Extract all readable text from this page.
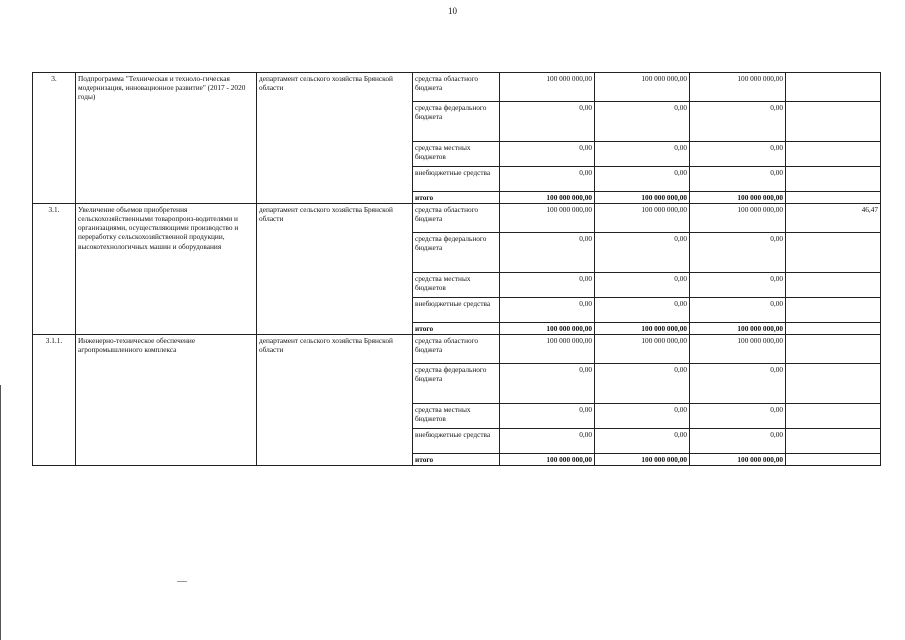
10
3.	Подпрограмма "Техническая и техноло-гическая модернизация, инновационное развитие" (2017 - 2020 годы)	департамент сельского хозяйства Брянской области	средства областного бюджета	100 000 000,00	100 000 000,00	100 000 000,00	
			средства федерального бюджета	0,00	0,00	0,00	
			средства местных бюджетов	0,00	0,00	0,00	
			внебюджетные средства	0,00	0,00	0,00	
			итого	100 000 000,00	100 000 000,00	100 000 000,00	
3.1.	Увеличение объемов приобретения сельскохозяйственными товаропроиз-водителями и организациями, осуществляющими производство и переработку сельскохозяйственной продукции, высокотехнологичных машин и оборудования	департамент сельского хозяйства Брянской области	средства областного бюджета	100 000 000,00	100 000 000,00	100 000 000,00	46,47
			средства федерального бюджета	0,00	0,00	0,00	
			средства местных бюджетов	0,00	0,00	0,00	
			внебюджетные средства	0,00	0,00	0,00	
			итого	100 000 000,00	100 000 000,00	100 000 000,00	
3.1.1.	Инженерно-техническое обеспечение агропромышленного комплекса	департамент сельского хозяйства Брянской области	средства областного бюджета	100 000 000,00	100 000 000,00	100 000 000,00	
			средства федерального бюджета	0,00	0,00	0,00	
			средства местных бюджетов	0,00	0,00	0,00	
			внебюджетные средства	0,00	0,00	0,00	
			итого	100 000 000,00	100 000 000,00	100 000 000,00	
